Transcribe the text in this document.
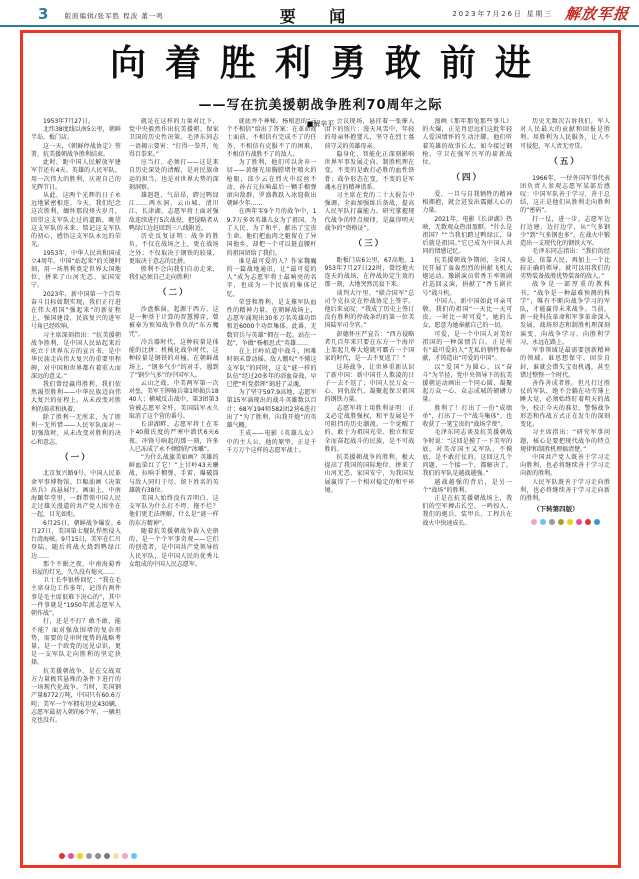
3 版面编辑/张军胜 程波 董一鸣	要 闻	2023年7月26日 星期三 解放军报
向着胜利勇敢前进
——写在抗美援朝战争胜利70周年之际
■解辛平

1953年7月27日。

北纬38度线以南5公里，朝鲜半岛，板门店。

这一天，《朝鲜停战协定》签署，抗美援朝战争胜利结束。

此时，距中国人民解放军建军节还有4天。英雄的人民军队，用一次伟大的胜利，庆祝自己的光辉节日。

从此，这两个光辉的日子永远地紧密相连。今天，我们纪念这次胜利，缅怀那段烽火岁月，回望这支军队走过的道路，眺望这支军队的未来，铭记这支军队的初心，感悟这支军队永远的荣光。

1953年，中华人民共和国成立4周年。中国“站起来”的关键时刻，用一场胜利奠定世界大国地位，拼来了山河无恙、家国安宁。

2023年，新中国第一个百年奋斗目标如期实现，我们正行进在伟大祖国“强起来”的新征程上，强国建设、民族复兴的进军号角已经吹响。

习主席深刻指出：“抗美援朝战争胜利，是中国人民站起来后屹立于世界东方的宣言书，是中华民族走向伟大复兴的重要里程碑，对中国和世界都有着重大而深远的意义。”

我们曾经赢得胜利，我们依然渴望胜利——中华民族迈向伟大复兴的征程上，从未改变对胜利的渴求和执着。

除了胜利一无所求，为了胜利一无所惜——人民军队面对一切强敌时，从未改变对胜利的决心和意志。

（一）

北京复兴路9号，中国人民革命军事博物馆。巨幅油画《决策出兵》高悬展厅。画面上，中南海颐年堂里，一群带领中国人民走过雄关漫道的共产党人围坐在一起，目光如炬。

6月25日，朝鲜战争爆发。6月27日，美国第七舰队悍然侵入台湾海峡。9月15日，美军在仁川登陆，随后将战火烧到鸭绿江边……

那个不眠之夜，中南海菊香书屋的灯光，久久没有熄灭……

卫士长李银桥回忆：“我在毛主席身边工作多年，记得有两件事是毛主席很难下决心的”，其中一件事就是“1950年派志愿军入朝作战”。

打，还是不打？敢不敢，能不能？面对强敌围堵的复杂形势，需要的是审时度势的战略考量，是一个政党的远见卓识，更是一支军队走向胜利的坚定抉择。

抗美援朝战争，是在交战双方力量极其悬殊的条件下进行的一场现代化战争。当时，美国钢产量8772万吨，中国只有60.6万吨；美军一个军拥有坦克430辆，志愿军最初入朝的6个军，一辆坦克也没有。

就是在这样的力量对比下，党中央毅然作出抗美援朝、保家卫国的历史性决策。毛泽东同志一语揭示要害：“打得一拳开，免得百拳来。”

应当打、必须打——这是来自历史深处的清醒，是对民族命运的担当，也是对世界大势的深刻洞察。

雄赳赳，气昂昂，跨过鸭绿江……两水洞、云山城、清川江、长津湖，志愿军将士面对强敌连续进行5次战役，把侵略者从鸭绿江边赶回到三八线附近。

历史反复证明：战争的胜负，不仅在战场之上，更在战场之外；不仅取决于钢铁的较量，更取决于意志的比拼。

胜利不会向我们自动走来，我们必须自己走向胜利！

（二）

沙盘推演，起源于西方。这是一种基于计算的智慧博弈，曾被奉为预知战争胜负的“东方魔咒”。

冷兵器时代，这种较量是体能的比拼；机械化战争时代，这种较量是钢铁的对撞。在朝鲜战场上，“钢多气少”的对手，遇到了“钢少气多”的中国军人。

云山之战，中美两军第一次对垒，美军王牌骑兵第1师损兵1840人；横城反击战中，第3团第3营被志愿军全歼，美国陆军永久取消了这个营的番号。

长津湖畔，志愿军将士在零下40摄氏度的严寒中潜伏6天6夜。冲锋号响起的那一刻，许多人已冻成了永不倾倒的“冰雕”。

“为什么战旗美如画？英雄的鲜血染红了它！”上甘岭43天鏖战，拉响手榴弹、手雷、爆破筒与敌人同归于尽，留下姓名的英雄就有38位。

美国人始终没有弄明白，这支军队为什么打不垮、拖不烂？他们更无法理解，什么是“谜一样的东方精神”。

随着抗美援朝战争载入史册的，是一个个军事奇观——它们的创造者，是中国共产党领导的人民军队，是中国人民的优秀儿女组成的中国人民志愿军。

谜底并不神秘。杨根思的“三个不相信”给出了答案：在革命战士面前，不相信有完成不了的任务，不相信有克服不了的困难，不相信有战胜不了的敌人。

为了胜利，他们可以舍弃一切——黄继光用胸膛堵住喷火的枪眼，邱少云在烈火中纹丝不动，孙占元拉响最后一颗手榴弹滚向敌群，罗盛教跃入冰窟救出朝鲜少年……

在两年零9个月的战争中，19.7万多名英雄儿女为了祖国、为了人民、为了和平，献出了宝贵生命。他们把血肉之躯留在了异国他乡，却把一个可以挺直腰杆的祖国留给了我们。

谁是最可爱的人？作家魏巍的一篇战地通讯，让“最可爱的人”成为志愿军将士最响亮的名字，也成为一个民族的集体记忆。

荣誉和胜利，是支撑军队血性的精神力量。在朝鲜战场上，志愿军涌现出30多万名英雄功臣和近6000个功臣集体。此番，无数官兵与英雄“拥在一起、站在一起”，争做“杨根思式”英雄……

在上甘岭坑道中战斗，困难时刻未曾动摇。敌人慨叹“不懂这支军队”的同时，这支“谜一样的队伍”经过20多年的浴血奋战，早已把“听党指挥”刻进了灵魂。

为了坚守597.9高地，志愿军第15军涌现出的战斗英雄数以百计；68军194师582团2营6连打出了“为了胜利，向我开炮”的英雄气概。

王成——电影《英雄儿女》中的主人公，他的原型，正是千千万万个这样的志愿军战士。

会议现场，悬挂着一张催人泪下的照片：漫天风雪中，年轻的母亲怀抱婴儿，坚守在烈士墓前守灵的英雄母亲。

隐身化、智能化正深刻影响世界军事发展走向。制胜机理在变，不变的是敢打必胜的血性铁骨；战争形态在变，不变的是军魂永在的精神谱系。

习主席在党的二十大报告中强调，全面加强练兵备战，提高人民军队打赢能力。研究掌握现代战争的特点规律，是赢得明天战争的“资格证”。

（三）

距板门店6公里，67高地。1953年7月27日22时，曾经炮火连天的战场，在停战协定生效的那一刻，大地突然沉寂下来。

谈判大厅里，“联合国军”总司令克拉克在停战协定上签字。他后来哀叹：“我成了历史上签订没有胜利的停战条约的第一位美国陆军司令官。”

彭德怀庄严宣告：“西方侵略者几百年来只要在东方一个海岸上架起几尊大炮就可霸占一个国家的时代，是一去不复返了！”

这场战争，让世界重新认识了新中国：新中国任人欺凌的日子一去不返了；中国人民万众一心、同仇敌忾，凝聚起保卫祖国的钢铁力量。

志愿军将士用胜利证明：正义必定战胜强权，和平发展是不可阻挡的历史潮流。一个觉醒了的、敢于为祖国光荣、独立和安全而奋起战斗的民族，是不可战胜的。

抗美援朝战争的胜利，极大提高了我国的国际地位，拼来了山河无恙、家国安宁，为我国发展赢得了一个相对稳定的和平环境。

漫画《那年那兔那些事儿》的火爆，正是肖思远们这批年轻人爱国情怀的生动注脚。他们听着英雄的故事长大，如今接过钢枪，守卫在强军兴军的崭新战位。

（四）

爱，一旦与自我牺牲的精神相拥抱，就会迸发出震撼人心的力量。

2021年，电影《长津湖》热映，无数观众热泪盈眶。“什么是祖国？”“当我们跨过鸭绿江，身后就是祖国。”它已成为中国人共同的情感记忆。

抗美援朝战争期间，全国人民开展了轰轰烈烈的捐献飞机大炮运动。豫剧演员常香玉率领剧社巡回义演，捐献了“香玉剧社号”战斗机。

中国人、新中国如此可亲可敬。我们的祖国“一天比一天可贵，一时比一时可爱”，她的儿女，愿意为她奉献自己的一切。

可爱，是一个中国人对美好祖国的一种深情告白。正是所有“最可爱的人”无私的牺牲和奉献，才铸造出“可爱的中国”。

以“爱国”为圆心，以“奋斗”为半径，党中央领导下的抗美援朝运动画出一个同心圆，凝聚起万众一心、众志成城的磅礴力量。

胜利了！打出了一份“成绩单”，打出了一个“战斗集体”，也收获了一笔宝贵的“战场学费”。

毛泽东同志谈及抗美援朝战争时说：“这回是摸了一下美军的底。对美帝国主义军队，不摸底，是不敢打仗的。这回这几个问题，一个接一个，都解决了。我们的军队是越战越强。”

越战越强的背后，是另一个“战场”的胜利。

正是在抗美援朝战场上，我们的空军搏击长空、一鸣惊人，我们的炮兵、装甲兵、工程兵在战火中快速成长。

历史无数次告诉我们，军人对人民最大的贡献和回报是胜利。用胜利为人民服务，让人不可侵犯，军人责无旁贷。

（五）

1966年，一位外国军事代表团负责人参观志愿军某部后感叹：中国军队善于学习、善于总结，这正是他们从胜利走向胜利的“密码”。

打一仗，进一步。志愿军边打边建、边打边学，从“气多钢少”到“气多钢也多”，在战火中锻造出一支现代化的钢铁大军。

毛泽东同志指出：“我们的经验是，依靠人民，再加上一个比较正确的领导，就可以用我们的劣势装备战胜优势装备的敌人。”

战争是一部厚重的教科书。“战争是一种最难预测的科学”，唯有不断向战争学习的军队，才能赢得未来战争。当前，新一轮科技革命和军事革命深入发展，战场形态和制胜机理深刻演变，向战争学习、向胜利学习，永远在路上。

军事领域是最需要创新精神的领域。谁思想保守、固步自封，谁就会错失宝贵机遇，甚至错过整整一个时代。

善作善成者胜。但凡打过胜仗的军队，绝不会躺在功劳簿上睡大觉，必须始终盯着明天的战争，校正今天的准星，警惕战争形态和作战方式正在发生的深刻变化。

习主席指出：“研究军事问题，核心是要把现代战争的特点规律和制胜机理搞清楚。”

中国共产党人既善于学习走向胜利，也必将继续善于学习走向新的胜利。

人民军队既善于学习走向胜利，也必将继续善于学习走向新的胜利。

（下转第四版）
